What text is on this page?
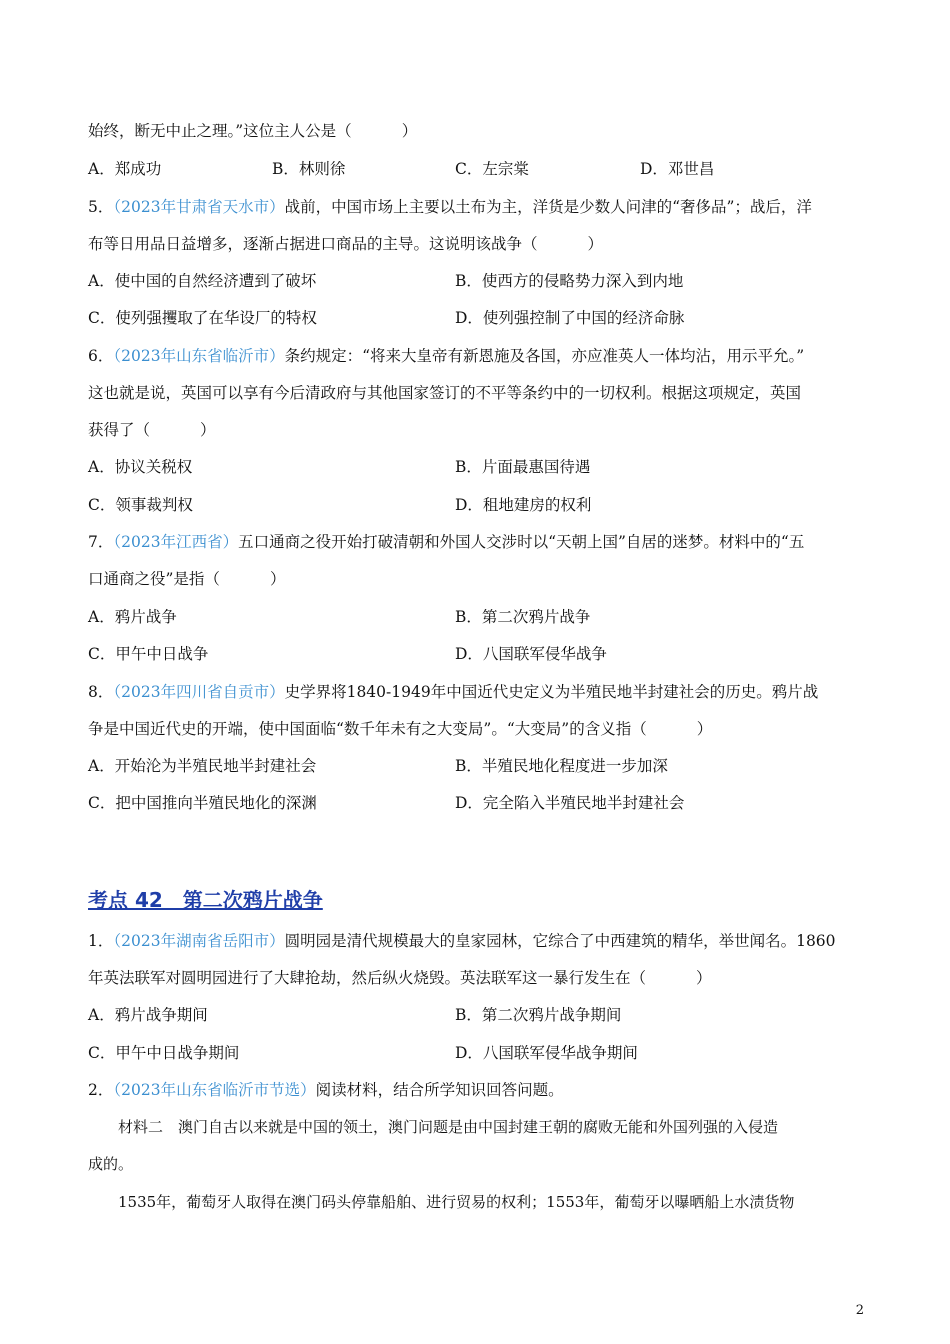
始终，断无中止之理。”这位主人公是（	）
A．郑成功	B．林则徐	C．左宗棠	D．邓世昌
5．（2023年甘肃省天水市）战前，中国市场上主要以土布为主，洋货是少数人问津的“奢侈品”；战后，洋
布等日用品日益增多，逐渐占据进口商品的主导。这说明该战争（	）
A．使中国的自然经济遭到了破坏	B．使西方的侵略势力深入到内地
C．使列强攫取了在华设厂的特权	D．使列强控制了中国的经济命脉
6．（2023年山东省临沂市）条约规定：“将来大皇帝有新恩施及各国，亦应准英人一体均沾，用示平允。”
这也就是说，英国可以享有今后清政府与其他国家签订的不平等条约中的一切权利。根据这项规定，英国
获得了（	）
A．协议关税权	B．片面最惠国待遇
C．领事裁判权	D．租地建房的权利
7．（2023年江西省）五口通商之役开始打破清朝和外国人交涉时以“天朝上国”自居的迷梦。材料中的“五
口通商之役”是指（	）
A．鸦片战争	B．第二次鸦片战争
C．甲午中日战争	D．八国联军侵华战争
8．（2023年四川省自贡市）史学界将1840-1949年中国近代史定义为半殖民地半封建社会的历史。鸦片战
争是中国近代史的开端，使中国面临“数千年未有之大变局”。“大变局”的含义指（	）
A．开始沦为半殖民地半封建社会	B．半殖民地化程度进一步加深
C．把中国推向半殖民地化的深渊	D．完全陷入半殖民地半封建社会
考点 42　第二次鸦片战争
1．（2023年湖南省岳阳市）圆明园是清代规模最大的皇家园林，它综合了中西建筑的精华，举世闻名。1860
年英法联军对圆明园进行了大肆抢劫，然后纵火烧毁。英法联军这一暴行发生在（	）
A．鸦片战争期间	B．第二次鸦片战争期间
C．甲午中日战争期间	D．八国联军侵华战争期间
2．（2023年山东省临沂市节选）阅读材料，结合所学知识回答问题。
　　材料二　澳门自古以来就是中国的领土，澳门问题是由中国封建王朝的腐败无能和外国列强的入侵造
成的。
　　1535年，葡萄牙人取得在澳门码头停靠船舶、进行贸易的权利；1553年，葡萄牙以曝晒船上水渍货物
2
